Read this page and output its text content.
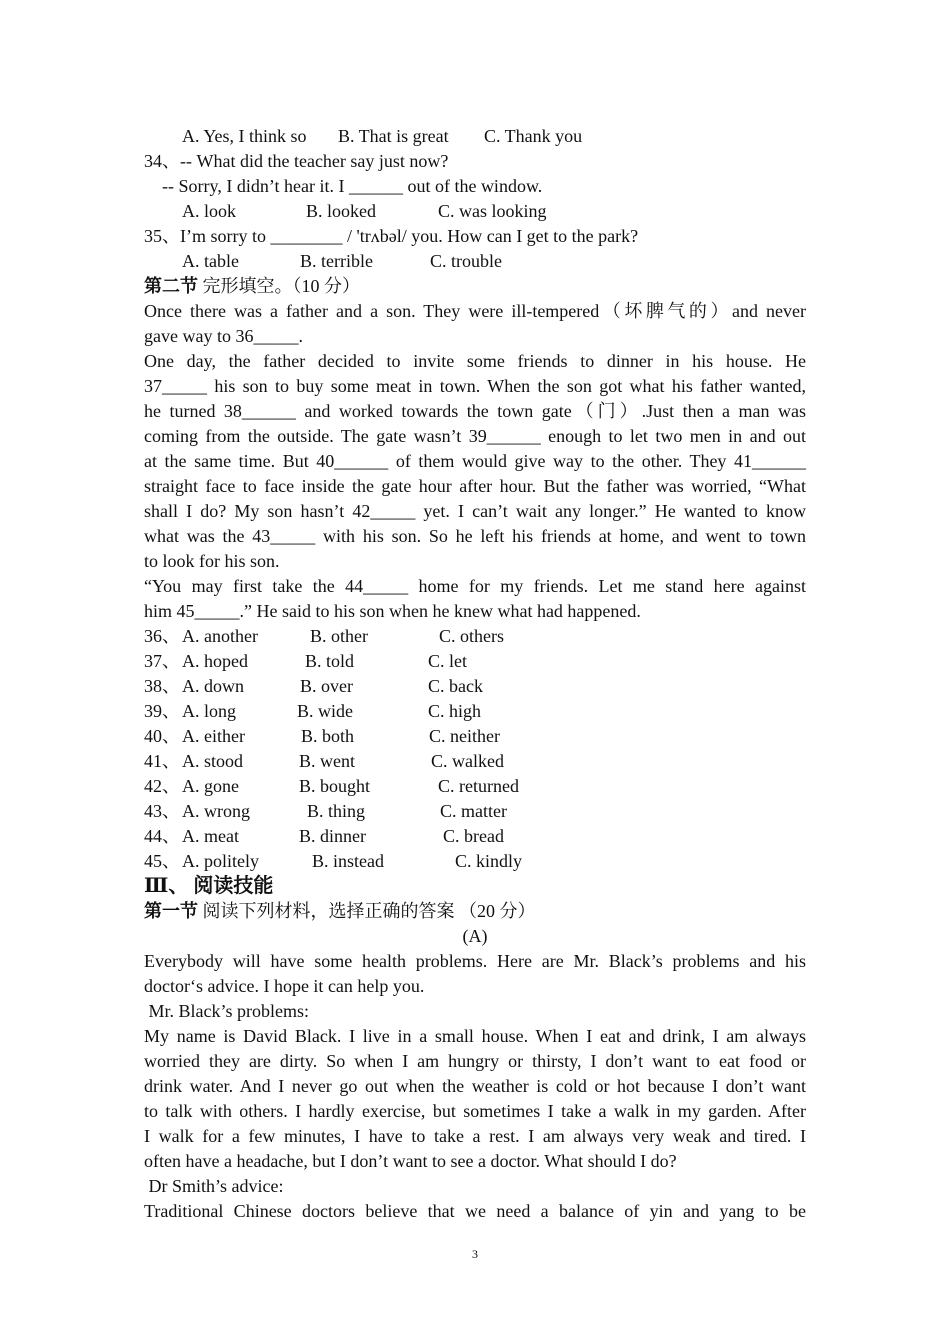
A. Yes, I think so B. That is great C. Thank you
34、-- What did the teacher say just now?
-- Sorry, I didn’t hear it. I ______ out of the window.
A. look	B. looked	C. was looking
35、I’m sorry to ________ / 'trʌbəl/ you. How can I get to the park?
A. table	B. terrible	C. trouble
第二节 完形填空。（10 分）
Once there was a father and a son. They were ill-tempered（坏脾气的）and never
gave way to 36_____.
One day, the father decided to invite some friends to dinner in his house. He
37_____ his son to buy some meat in town. When the son got what his father wanted,
he turned 38______ and worked towards the town gate（门）.Just then a man was
coming from the outside. The gate wasn’t 39______ enough to let two men in and out
at the same time. But 40______ of them would give way to the other. They 41______
straight face to face inside the gate hour after hour. But the father was worried, “What
shall I do? My son hasn’t 42_____ yet. I can’t wait any longer.” He wanted to know
what was the 43_____ with his son. So he left his friends at home, and went to town
to look for his son.
“You may first take the 44_____ home for my friends. Let me stand here against
him 45_____.” He said to his son when he knew what had happened.
36、 A. another	B. other	C. others
37、 A. hoped	B. told	C. let
38、 A. down	B. over	C. back
39、 A. long	B. wide	C. high
40、 A. either	B. both	C. neither
41、 A. stood	B. went	C. walked
42、 A. gone	B. bought	C. returned
43、 A. wrong	B. thing	C. matter
44、 A. meat	B. dinner	C. bread
45、 A. politely	B. instead	C. kindly
Ⅲ、 阅读技能
第一节 阅读下列材料，选择正确的答案 （20 分）
(A)
Everybody will have some health problems. Here are Mr. Black’s problems and his
doctor‘s advice. I hope it can help you.
Mr. Black’s problems:
My name is David Black. I live in a small house. When I eat and drink, I am always
worried they are dirty. So when I am hungry or thirsty, I don’t want to eat food or
drink water. And I never go out when the weather is cold or hot because I don’t want
to talk with others. I hardly exercise, but sometimes I take a walk in my garden. After
I walk for a few minutes, I have to take a rest. I am always very weak and tired. I
often have a headache, but I don’t want to see a doctor. What should I do?
Dr Smith’s advice:
Traditional Chinese doctors believe that we need a balance of yin and yang to be
3
